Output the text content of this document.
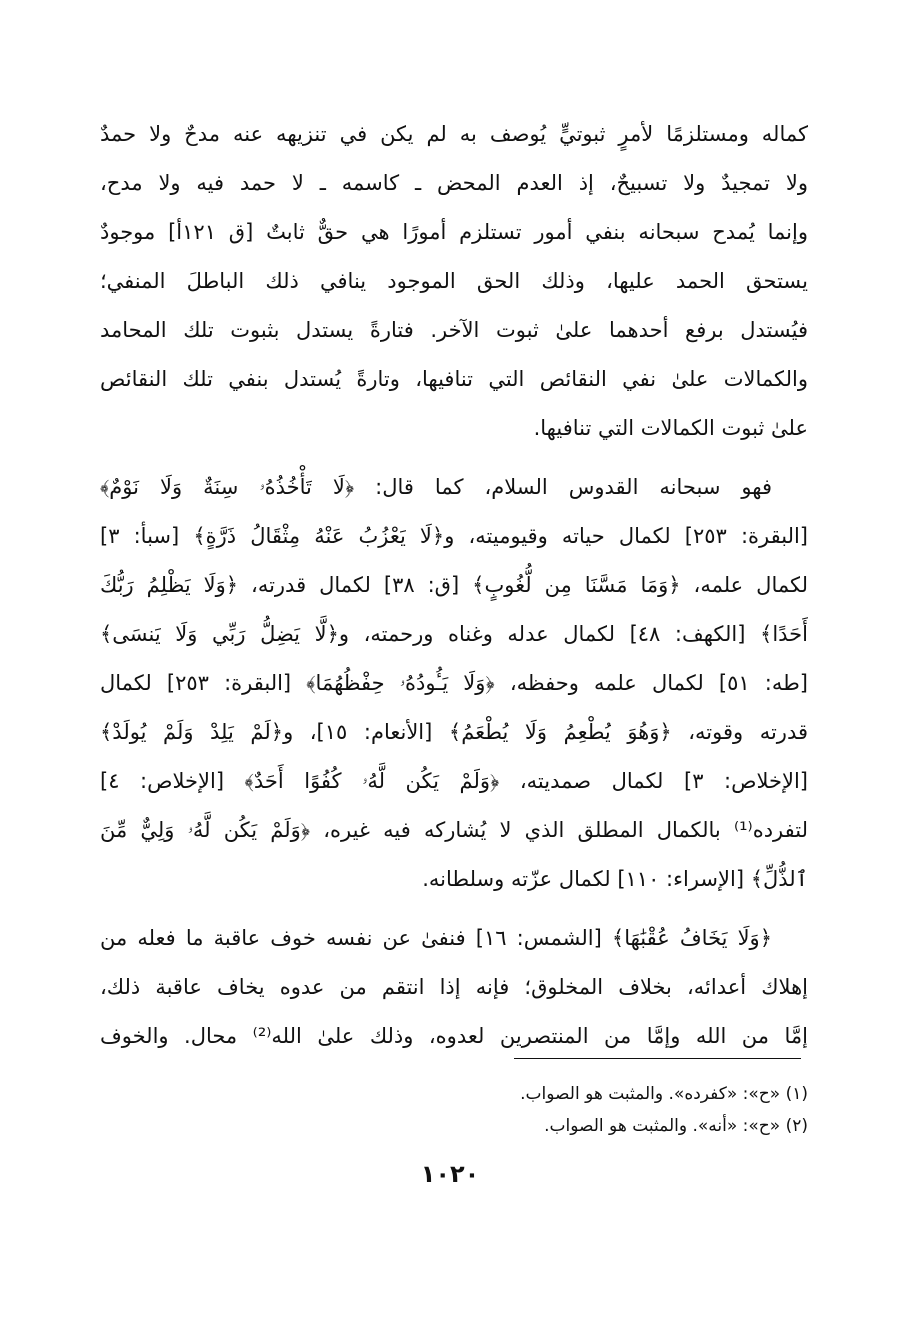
كماله ومستلزمًا لأمرٍ ثبوتيٍّ يُوصف به لم يكن في تنزيهه عنه مدحٌ ولا حمدٌ
ولا تمجيدٌ ولا تسبيحٌ، إذ العدم المحض ـ كاسمه ـ لا حمد فيه ولا مدح،
وإنما يُمدح سبحانه بنفي أمور تستلزم أمورًا هي حقٌّ ثابتٌ [ق ١٢١أ] موجودٌ
يستحق الحمد عليها، وذلك الحق الموجود ينافي ذلك الباطلَ المنفي؛
فيُستدل برفع أحدهما علىٰ ثبوت الآخر. فتارةً يستدل بثبوت تلك المحامد
والكمالات علىٰ نفي النقائص التي تنافيها، وتارةً يُستدل بنفي تلك النقائص
علىٰ ثبوت الكمالات التي تنافيها.
فهو سبحانه القدوس السلام، كما قال: ﴿لَا تَأْخُذُهُۥ سِنَةٌ وَلَا نَوْمٌ﴾
[البقرة: ٢٥٣] لكمال حياته وقيوميته، و﴿لَا يَعْزُبُ عَنْهُ مِثْقَالُ ذَرَّةٍ﴾ [سبأ: ٣]
لكمال علمه، ﴿وَمَا مَسَّنَا مِن لُّغُوبٍ﴾ [ق: ٣٨] لكمال قدرته، ﴿وَلَا يَظْلِمُ رَبُّكَ
أَحَدًا﴾ [الكهف: ٤٨] لكمال عدله وغناه ورحمته، و﴿لَّا يَضِلُّ رَبِّي وَلَا يَنسَى﴾
[طه: ٥١] لكمال علمه وحفظه، ﴿وَلَا يَـُٔودُهُۥ حِفْظُهُمَا﴾ [البقرة: ٢٥٣] لكمال
قدرته وقوته، ﴿وَهُوَ يُطْعِمُ وَلَا يُطْعَمُ﴾ [الأنعام: ١٥]، و﴿لَمْ يَلِدْ وَلَمْ يُولَدْ﴾
[الإخلاص: ٣] لكمال صمديته، ﴿وَلَمْ يَكُن لَّهُۥ كُفُوًا أَحَدٌ﴾ [الإخلاص: ٤]
لتفرده⁽¹⁾ بالكمال المطلق الذي لا يُشاركه فيه غيره، ﴿وَلَمْ يَكُن لَّهُۥ وَلِيٌّ مِّنَ
ٱلذُّلِّ﴾ [الإسراء: ١١٠] لكمال عزّته وسلطانه.
﴿وَلَا يَخَافُ عُقْبَٰهَا﴾ [الشمس: ١٦] فنفىٰ عن نفسه خوف عاقبة ما فعله من
إهلاك أعدائه، بخلاف المخلوق؛ فإنه إذا انتقم من عدوه يخاف عاقبة ذلك،
إمَّا من الله وإمَّا من المنتصرين لعدوه، وذلك علىٰ الله⁽²⁾ محال. والخوف
(١) «ح»: «كفرده». والمثبت هو الصواب.
(٢) «ح»: «أنه». والمثبت هو الصواب.
١٠٢٠
